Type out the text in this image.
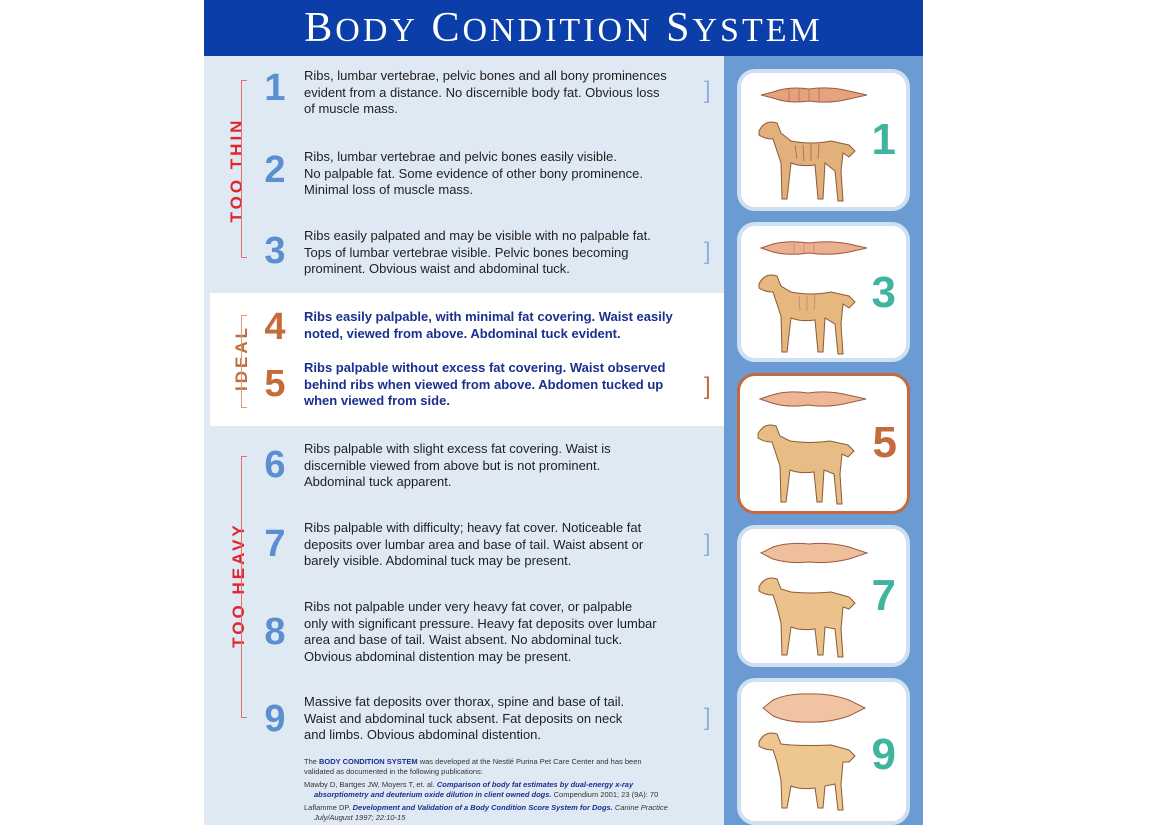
BODY CONDITION SYSTEM
TOO THIN
IDEAL
TOO HEAVY
1	Ribs, lumbar vertebrae, pelvic bones and all bony prominences
evident from a distance. No discernible body fat. Obvious loss
of muscle mass.
]
2	Ribs, lumbar vertebrae and pelvic bones easily visible.
No palpable fat. Some evidence of other bony prominence.
Minimal loss of muscle mass.
3	Ribs easily palpated and may be visible with no palpable fat.
Tops of lumbar vertebrae visible. Pelvic bones becoming
prominent. Obvious waist and abdominal tuck.
]
4	Ribs easily palpable, with minimal fat covering. Waist easily
noted, viewed from above. Abdominal tuck evident.
5	Ribs palpable without excess fat covering. Waist observed
behind ribs when viewed from above. Abdomen tucked up
when viewed from side.
]
6	Ribs palpable with slight excess fat covering. Waist is
discernible viewed from above but is not prominent.
Abdominal tuck apparent.
7	Ribs palpable with difficulty; heavy fat cover. Noticeable fat
deposits over lumbar area and base of tail. Waist absent or
barely visible. Abdominal tuck may be present.
]
8
Ribs not palpable under very heavy fat cover, or palpable
only with significant pressure. Heavy fat deposits over lumbar
area and base of tail. Waist absent. No abdominal tuck.
Obvious abdominal distention may be present.
9	Massive fat deposits over thorax, spine and base of tail.
Waist and abdominal tuck absent. Fat deposits on neck
and limbs. Obvious abdominal distention.
]
1
3
5
7
9
The BODY CONDITION SYSTEM was developed at the Nestlé Purina Pet Care Center and has been
validated as documented in the following publications:
Mawby D, Bartges JW, Moyers T, et. al. Comparison of body fat estimates by dual-energy x-ray
absorptiometry and deuterium oxide dilution in client owned dogs. Compendium 2001; 23 (9A): 70
Laflamme DP. Development and Validation of a Body Condition Score System for Dogs. Canine Practice
July/August 1997; 22:10-15
